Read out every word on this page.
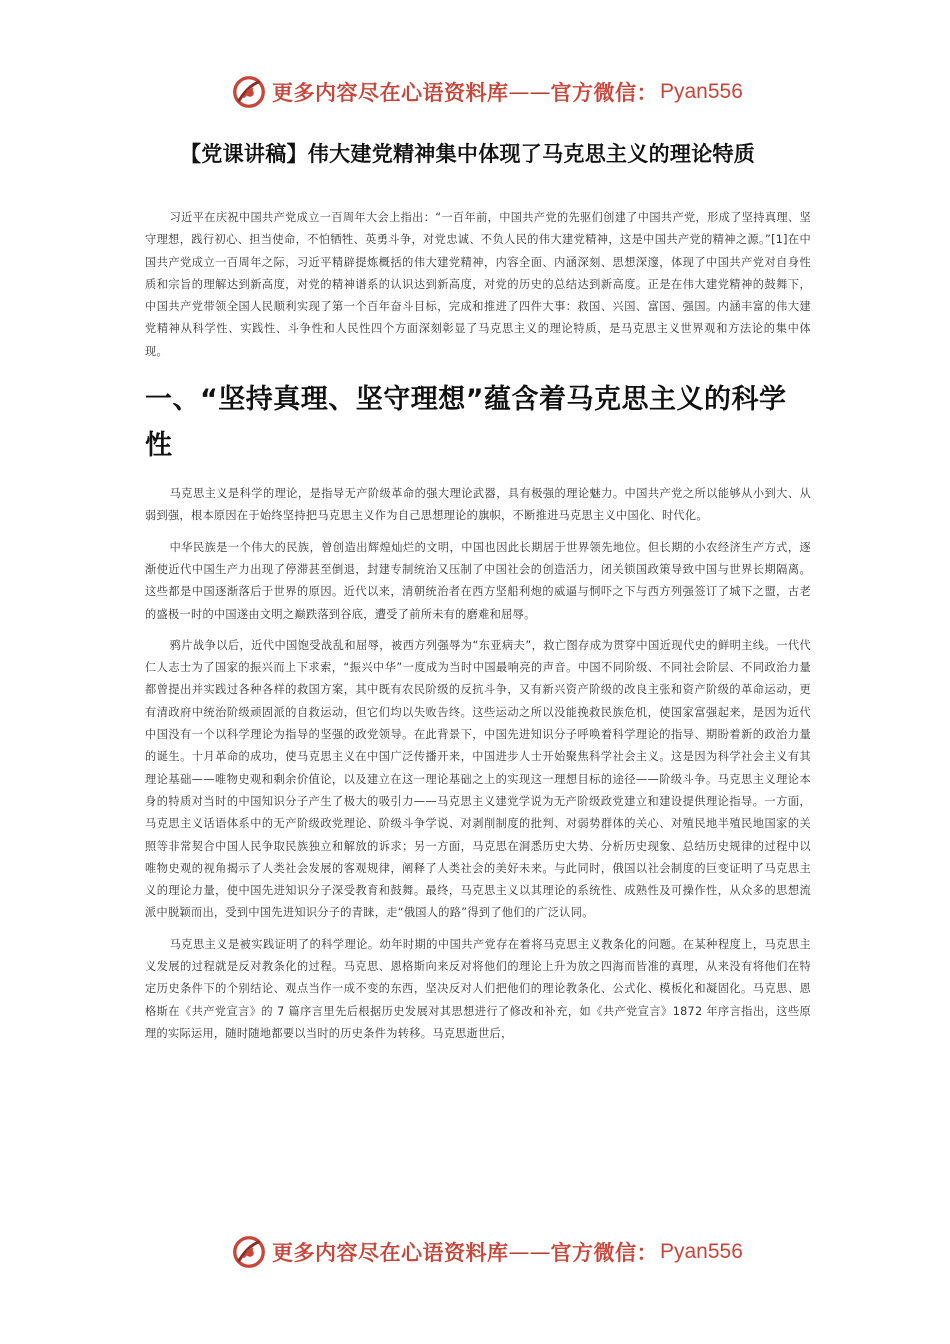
更多内容尽在心语资料库 —— 官方微信： Pyan556
【党课讲稿】伟大建党精神集中体现了马克思主义的理论特质

习近平在庆祝中国共产党成立一百周年大会上指出：“一百年前，中国共产党的先驱们创建了中国共产党，形成了坚持真理、坚守理想，践行初心、担当使命，不怕牺牲、英勇斗争，对党忠诚、不负人民的伟大建党精神，这是中国共产党的精神之源。”[1]在中国共产党成立一百周年之际，习近平精辟提炼概括的伟大建党精神，内容全面、内涵深刻、思想深邃，体现了中国共产党对自身性质和宗旨的理解达到新高度，对党的精神谱系的认识达到新高度，对党的历史的总结达到新高度。正是在伟大建党精神的鼓舞下，中国共产党带领全国人民顺利实现了第一个百年奋斗目标，完成和推进了四件大事：救国、兴国、富国、强国。内涵丰富的伟大建党精神从科学性、实践性、斗争性和人民性四个方面深刻彰显了马克思主义的理论特质，是马克思主义世界观和方法论的集中体现。

一、“坚持真理、坚守理想”蕴含着马克思主义的科学性

马克思主义是科学的理论，是指导无产阶级革命的强大理论武器，具有极强的理论魅力。中国共产党之所以能够从小到大、从弱到强，根本原因在于始终坚持把马克思主义作为自己思想理论的旗帜，不断推进马克思主义中国化、时代化。

中华民族是一个伟大的民族，曾创造出辉煌灿烂的文明，中国也因此长期居于世界领先地位。但长期的小农经济生产方式，逐渐使近代中国生产力出现了停滞甚至倒退，封建专制统治又压制了中国社会的创造活力，闭关锁国政策导致中国与世界长期隔离。这些都是中国逐渐落后于世界的原因。近代以来，清朝统治者在西方坚船利炮的威逼与恫吓之下与西方列强签订了城下之盟，古老的盛极一时的中国遂由文明之巅跌落到谷底，遭受了前所未有的磨难和屈辱。

鸦片战争以后，近代中国饱受战乱和屈辱，被西方列强辱为“东亚病夫”，救亡图存成为贯穿中国近现代史的鲜明主线。一代代仁人志士为了国家的振兴而上下求索，“振兴中华”一度成为当时中国最响亮的声音。中国不同阶级、不同社会阶层、不同政治力量都曾提出并实践过各种各样的救国方案，其中既有农民阶级的反抗斗争，又有新兴资产阶级的改良主张和资产阶级的革命运动，更有清政府中统治阶级顽固派的自救运动，但它们均以失败告终。这些运动之所以没能挽救民族危机，使国家富强起来，是因为近代中国没有一个以科学理论为指导的坚强的政党领导。在此背景下，中国先进知识分子呼唤着科学理论的指导、期盼着新的政治力量的诞生。十月革命的成功，使马克思主义在中国广泛传播开来，中国进步人士开始聚焦科学社会主义。这是因为科学社会主义有其理论基础——唯物史观和剩余价值论，以及建立在这一理论基础之上的实现这一理想目标的途径——阶级斗争。马克思主义理论本身的特质对当时的中国知识分子产生了极大的吸引力——马克思主义建党学说为无产阶级政党建立和建设提供理论指导。一方面，马克思主义话语体系中的无产阶级政党理论、阶级斗争学说、对剥削制度的批判、对弱势群体的关心、对殖民地半殖民地国家的关照等非常契合中国人民争取民族独立和解放的诉求；另一方面，马克思在洞悉历史大势、分析历史现象、总结历史规律的过程中以唯物史观的视角揭示了人类社会发展的客观规律，阐释了人类社会的美好未来。与此同时，俄国以社会制度的巨变证明了马克思主义的理论力量，使中国先进知识分子深受教育和鼓舞。最终，马克思主义以其理论的系统性、成熟性及可操作性，从众多的思想流派中脱颖而出，受到中国先进知识分子的青睐，走“俄国人的路”得到了他们的广泛认同。

马克思主义是被实践证明了的科学理论。幼年时期的中国共产党存在着将马克思主义教条化的问题。在某种程度上，马克思主义发展的过程就是反对教条化的过程。马克思、恩格斯向来反对将他们的理论上升为放之四海而皆准的真理，从来没有将他们在特定历史条件下的个别结论、观点当作一成不变的东西，坚决反对人们把他们的理论教条化、公式化、模板化和凝固化。马克思、恩格斯在《共产党宣言》的 7 篇序言里先后根据历史发展对其思想进行了修改和补充，如《共产党宣言》1872 年序言指出，这些原理的实际运用，随时随地都要以当时的历史条件为转移。马克思逝世后，

更多内容尽在心语资料库 —— 官方微信： Pyan556
